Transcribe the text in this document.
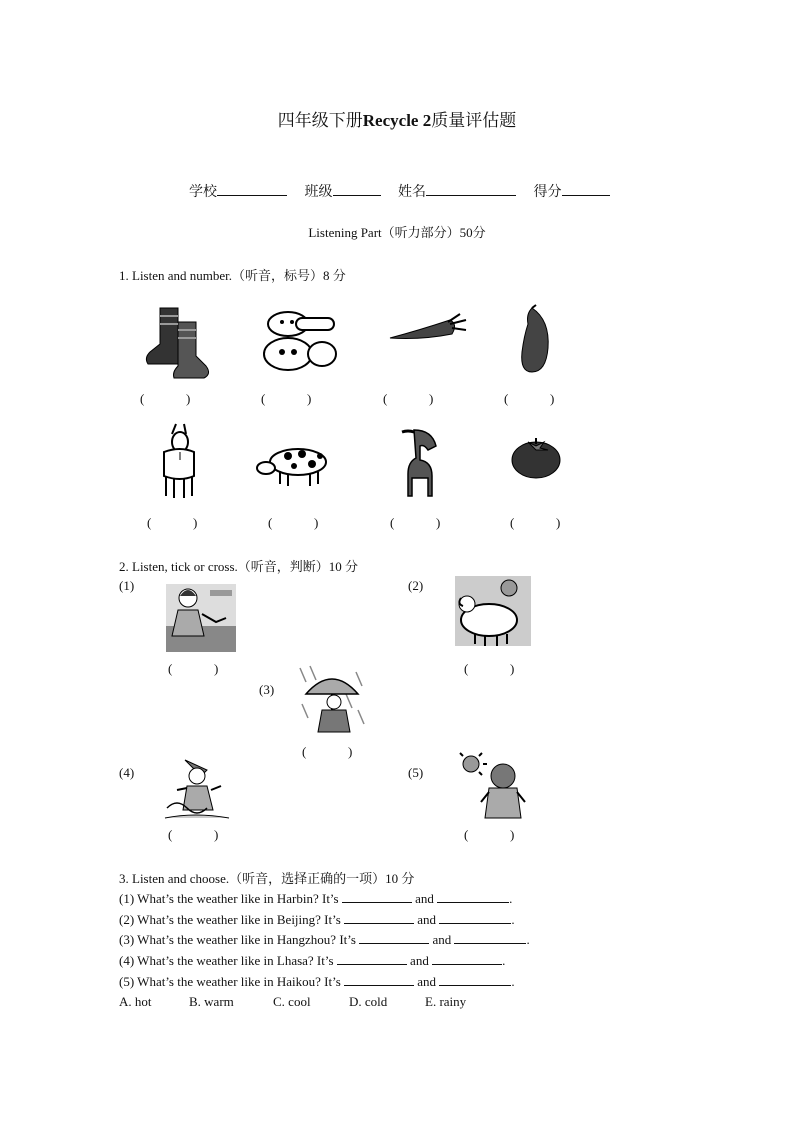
四年级下册Recycle 2质量评估题
学校	班级	姓名	得分
Listening Part（听力部分）50分
1. Listen and number.（听音，标号）8 分
(	)	(	)	(	)	(	)
(	)	(	)	(	)	(	)
2. Listen, tick or cross.（听音，判断）10 分
(1)	(2)
(	)	(	)
(3)
(	)
(4)	(5)
(	)	(	)
3. Listen and choose.（听音，选择正确的一项）10 分
(1) What’s the weather like in Harbin? It’s	and	.
(2) What’s the weather like in Beijing? It’s	and	.
(3) What’s the weather like in Hangzhou? It’s	and	.
(4) What’s the weather like in Lhasa? It’s	and	.
(5) What’s the weather like in Haikou? It’s	and	.
A. hot	B. warm	C. cool	D. cold	E. rainy
